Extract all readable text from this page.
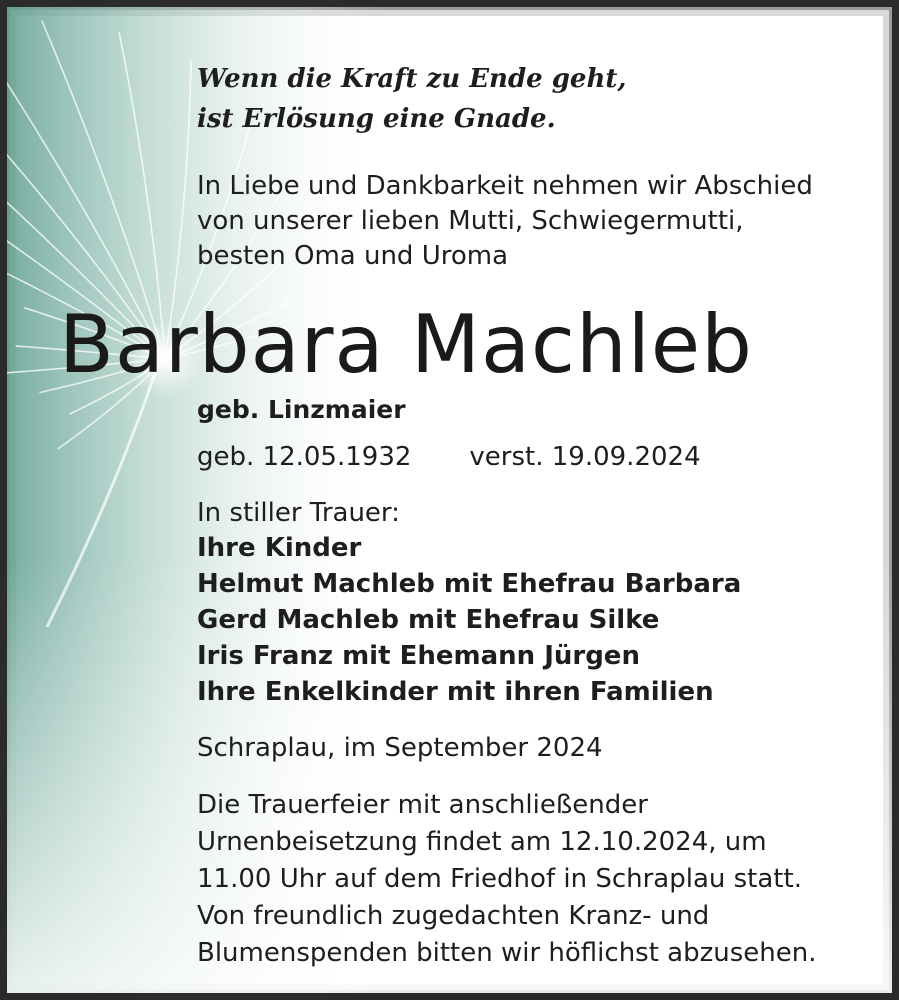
Wenn die Kraft zu Ende geht,
ist Erlösung eine Gnade.
In Liebe und Dankbarkeit nehmen wir Abschied
von unserer lieben Mutti, Schwiegermutti,
besten Oma und Uroma
Barbara Machleb
geb. Linzmaier
geb. 12.05.1932 verst. 19.09.2024
In stiller Trauer:
Ihre Kinder
Helmut Machleb mit Ehefrau Barbara
Gerd Machleb mit Ehefrau Silke
Iris Franz mit Ehemann Jürgen
Ihre Enkelkinder mit ihren Familien
Schraplau, im September 2024
Die Trauerfeier mit anschließender
Urnenbeisetzung findet am 12.10.2024, um
11.00 Uhr auf dem Friedhof in Schraplau statt.
Von freundlich zugedachten Kranz- und
Blumenspenden bitten wir höflichst abzusehen.
